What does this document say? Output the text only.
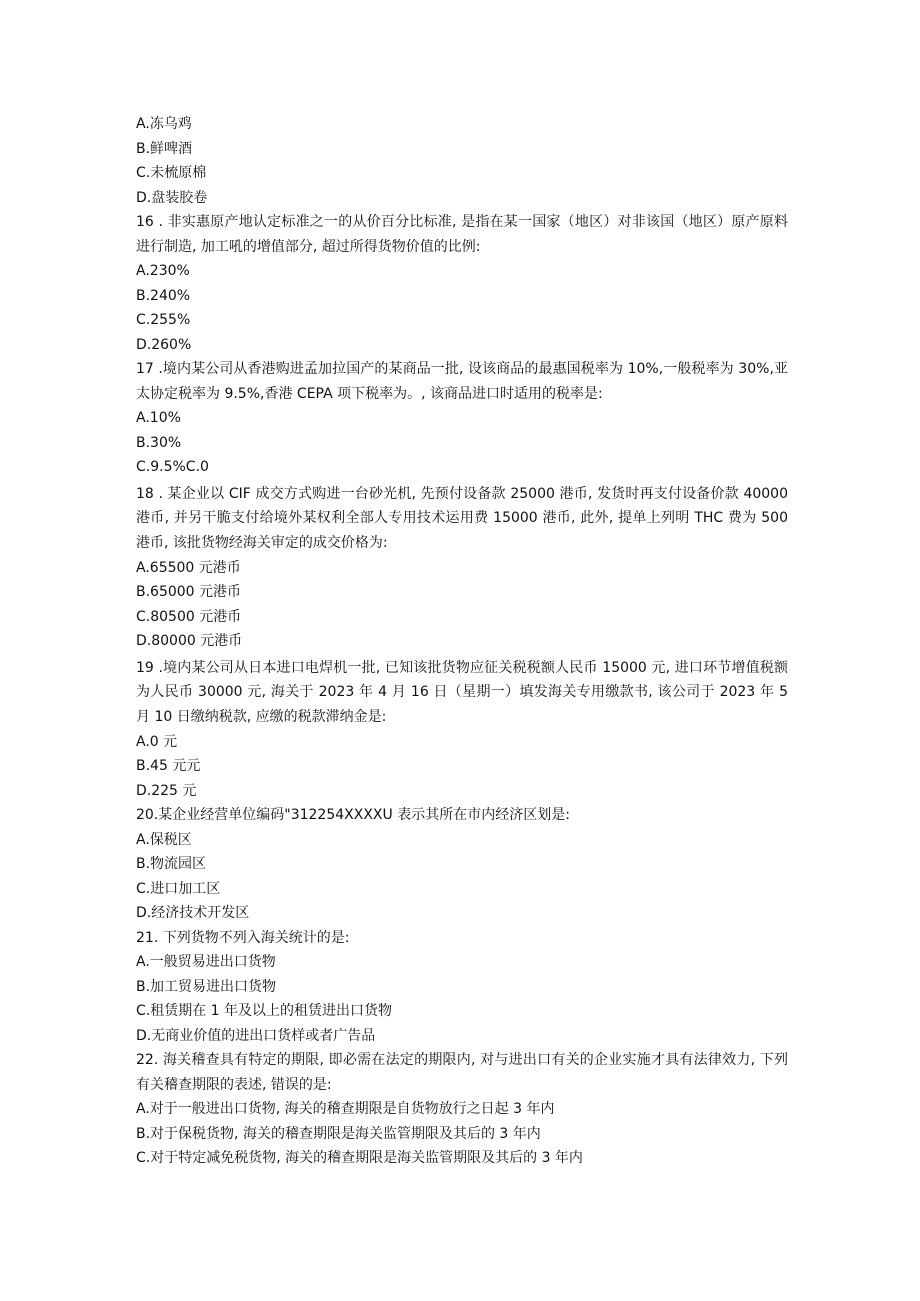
A.冻乌鸡
B.鲜啤酒
C.未梳原棉
D.盘装胶卷
16 . 非实惠原产地认定标准之一的从价百分比标准, 是指在某一国家（地区）对非该国（地区）原产原料进行制造, 加工吼的增值部分, 超过所得货物价值的比例:
A.230%
B.240%
C.255%
D.260%
17 .境内某公司从香港购进孟加拉国产的某商品一批, 设该商品的最惠国税率为 10%,一般税率为 30%,亚太协定税率为 9.5%,香港 CEPA 项下税率为。, 该商品进口时适用的税率是:
A.10%
B.30%
C.9.5%C.0
18 . 某企业以 CIF 成交方式购进一台砂光机, 先预付设备款 25000 港币, 发货时再支付设备价款 40000 港币, 并另干脆支付给境外某权利全部人专用技术运用费 15000 港币, 此外, 提单上列明 THC 费为 500 港币, 该批货物经海关审定的成交价格为:
A.65500 元港币
B.65000 元港币
C.80500 元港币
D.80000 元港币
19 .境内某公司从日本进口电焊机一批, 已知该批货物应征关税税额人民币 15000 元, 进口环节增值税额为人民币 30000 元, 海关于 2023 年 4 月 16 日（星期一）填发海关专用缴款书, 该公司于 2023 年 5 月 10 日缴纳税款, 应缴的税款滞纳金是:
A.0 元
B.45 元元
D.225 元
20.某企业经营单位编码"312254XXXXU 表示其所在市内经济区划是:
A.保税区
B.物流园区
C.进口加工区
D.经济技术开发区
21. 下列货物不列入海关统计的是:
A.一般贸易进出口货物
B.加工贸易进出口货物
C.租赁期在 1 年及以上的租赁进出口货物
D.无商业价值的进出口货样或者广告品
22. 海关稽查具有特定的期限, 即必需在法定的期限内, 对与进出口有关的企业实施才具有法律效力, 下列有关稽查期限的表述, 错误的是:
A.对于一般进出口货物, 海关的稽查期限是自货物放行之日起 3 年内
B.对于保税货物, 海关的稽查期限是海关监管期限及其后的 3 年内
C.对于特定减免税货物, 海关的稽查期限是海关监管期限及其后的 3 年内
